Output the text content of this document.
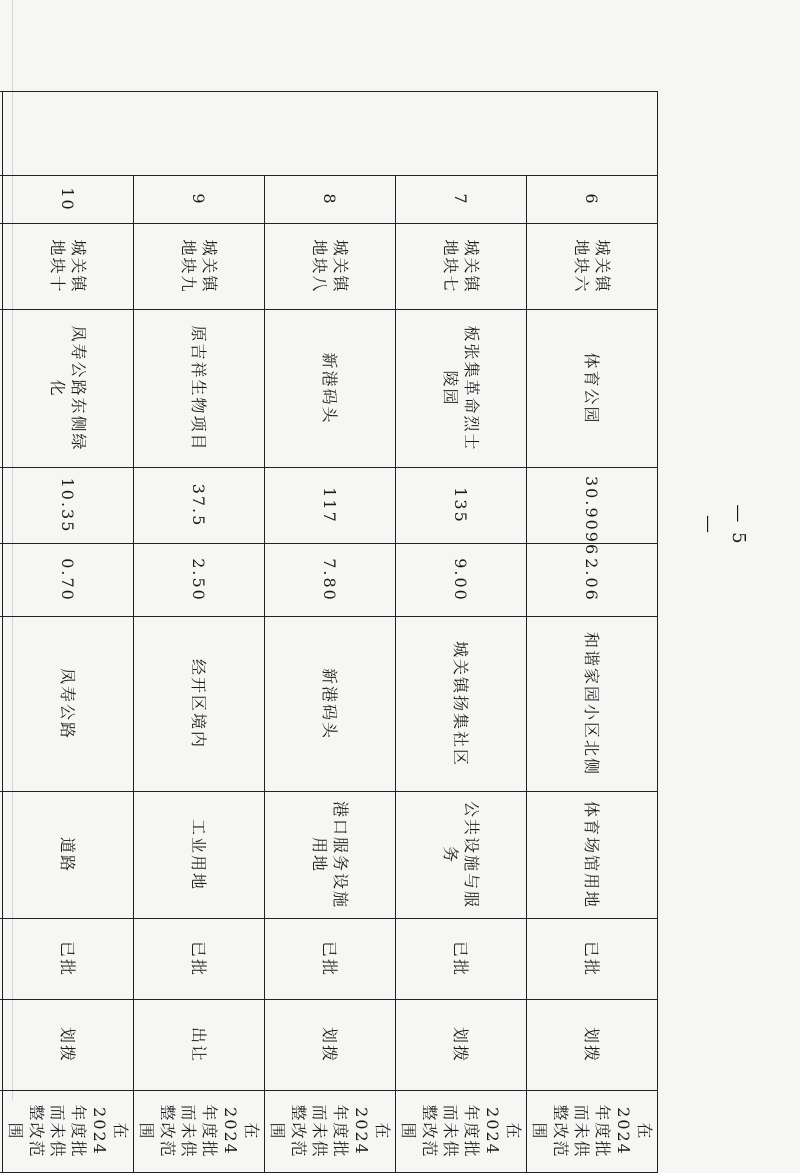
	6	城关镇地块六	体育公园	30.9096	2.06	和谐家园小区北侧	体育场馆用地	已批	划拨	在 2024 年度批而未供整改范围
	7	城关镇地块七	板张集革命烈士陵园	135	9.00	城关镇扬集社区	公共设施与服务	已批	划拨	在 2024 年度批而未供整改范围
	8	城关镇地块八	新港码头	117	7.80	新港码头	港口服务设施用地	已批	划拨	在 2024 年度批而未供整改范围
	9	城关镇地块九	原吉祥生物项目	37.5	2.50	经开区境内	工业用地	已批	出让	在 2024 年度批而未供整改范围
	10	城关镇地块十	凤寿公路东侧绿化	10.35	0.70	凤寿公路	道路	已批	划拨	在 2024 年度批而未供整改范围

— 5 —
